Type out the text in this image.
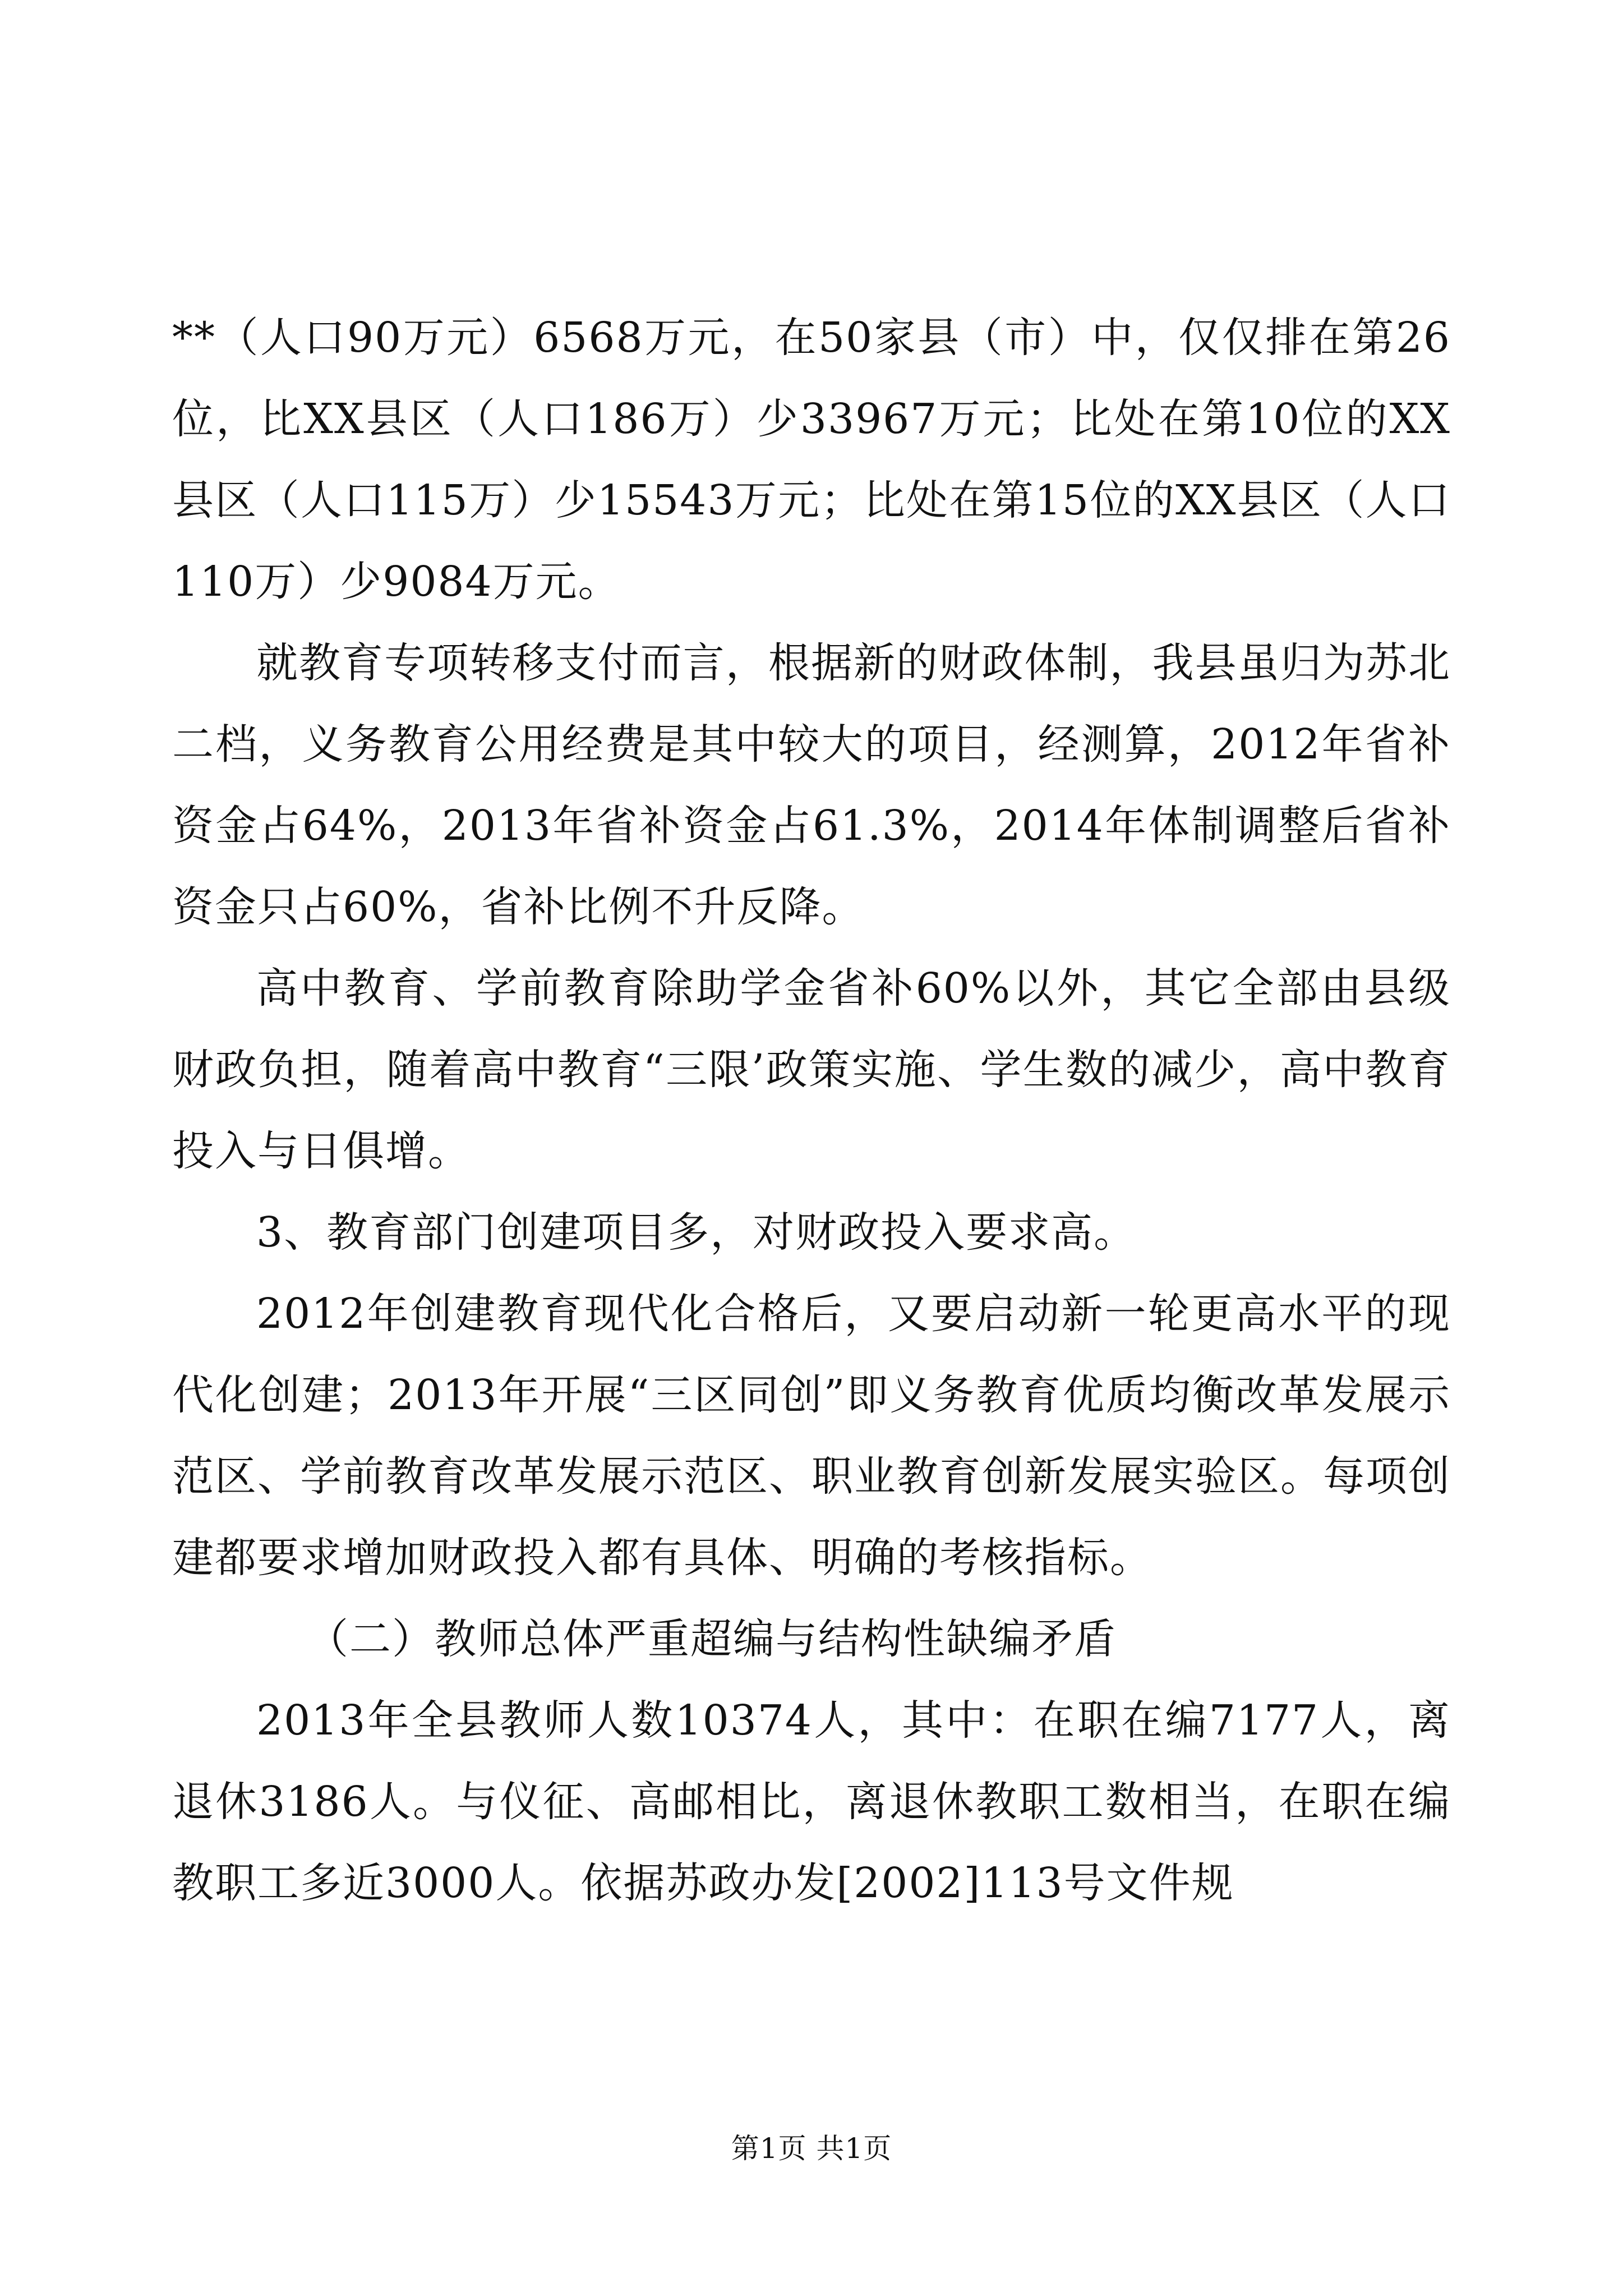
**（人口90万元）6568万元，在50家县（市）中，仅仅排在第26位，比XX县区（人口186万）少33967万元；比处在第10位的XX县区（人口115万）少15543万元；比处在第15位的XX县区（人口110万）少9084万元。

就教育专项转移支付而言，根据新的财政体制，我县虽归为苏北二档，义务教育公用经费是其中较大的项目，经测算，2012年省补资金占64%，2013年省补资金占61.3%，2014年体制调整后省补资金只占60%，省补比例不升反降。

高中教育、学前教育除助学金省补60%以外，其它全部由县级财政负担，随着高中教育“三限’政策实施、学生数的减少，高中教育投入与日俱增。

3、教育部门创建项目多，对财政投入要求高。

2012年创建教育现代化合格后，又要启动新一轮更高水平的现代化创建；2013年开展“三区同创”即义务教育优质均衡改革发展示范区、学前教育改革发展示范区、职业教育创新发展实验区。每项创建都要求增加财政投入都有具体、明确的考核指标。

（二）教师总体严重超编与结构性缺编矛盾

2013年全县教师人数10374人，其中：在职在编7177人，离退休3186人。与仪征、高邮相比，离退休教职工数相当，在职在编教职工多近3000人。依据苏政办发[2002]113号文件规

第1页 共1页
